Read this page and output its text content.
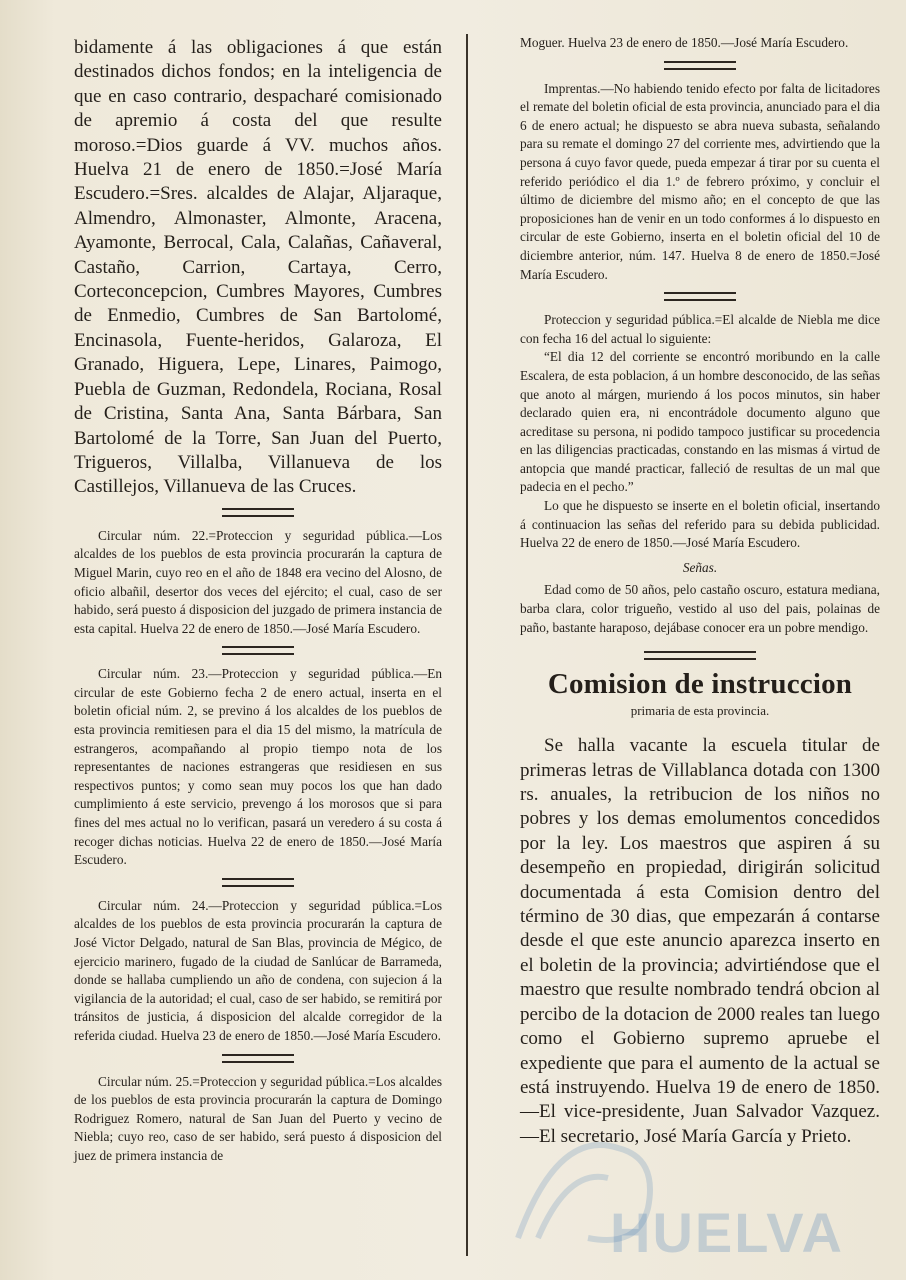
bidamente á las obligaciones á que están destinados dichos fondos; en la inteligencia de que en caso contrario, despacharé comisionado de apremio á costa del que resulte moroso.=Dios guarde á VV. muchos años. Huelva 21 de enero de 1850.=José María Escudero.=Sres. alcaldes de Alajar, Aljaraque, Almendro, Almonaster, Almonte, Aracena, Ayamonte, Berrocal, Cala, Calañas, Cañaveral, Castaño, Carrion, Cartaya, Cerro, Corteconcepcion, Cumbres Mayores, Cumbres de Enmedio, Cumbres de San Bartolomé, Encinasola, Fuente-heridos, Galaroza, El Granado, Higuera, Lepe, Linares, Paimogo, Puebla de Guzman, Redondela, Rociana, Rosal de Cristina, Santa Ana, Santa Bárbara, San Bartolomé de la Torre, San Juan del Puerto, Trigueros, Villalba, Villanueva de los Castillejos, Villanueva de las Cruces.

Circular núm. 22.=Proteccion y seguridad pública.—Los alcaldes de los pueblos de esta provincia procurarán la captura de Miguel Marin, cuyo reo en el año de 1848 era vecino del Alosno, de oficio albañil, desertor dos veces del ejército; el cual, caso de ser habido, será puesto á disposicion del juzgado de primera instancia de esta capital. Huelva 22 de enero de 1850.—José María Escudero.

Circular núm. 23.—Proteccion y seguridad pública.—En circular de este Gobierno fecha 2 de enero actual, inserta en el boletin oficial núm. 2, se previno á los alcaldes de los pueblos de esta provincia remitiesen para el dia 15 del mismo, la matrícula de estrangeros, acompañando al propio tiempo nota de los representantes de naciones estrangeras que residiesen en sus respectivos puntos; y como sean muy pocos los que han dado cumplimiento á este servicio, prevengo á los morosos que si para fines del mes actual no lo verifican, pasará un veredero á su costa á recoger dichas noticias. Huelva 22 de enero de 1850.—José María Escudero.

Circular núm. 24.—Proteccion y seguridad pública.=Los alcaldes de los pueblos de esta provincia procurarán la captura de José Victor Delgado, natural de San Blas, provincia de Mégico, de ejercicio marinero, fugado de la ciudad de Sanlúcar de Barrameda, donde se hallaba cumpliendo un año de condena, con sujecion á la vigilancia de la autoridad; el cual, caso de ser habido, se remitirá por tránsitos de justicia, á disposicion del alcalde corregidor de la referida ciudad. Huelva 23 de enero de 1850.—José María Escudero.

Circular núm. 25.=Proteccion y seguridad pública.=Los alcaldes de los pueblos de esta provincia procurarán la captura de Domingo Rodriguez Romero, natural de San Juan del Puerto y vecino de Niebla; cuyo reo, caso de ser habido, será puesto á disposicion del juez de primera instancia de

Moguer. Huelva 23 de enero de 1850.—José María Escudero.

Imprentas.—No habiendo tenido efecto por falta de licitadores el remate del boletin oficial de esta provincia, anunciado para el dia 6 de enero actual; he dispuesto se abra nueva subasta, señalando para su remate el domingo 27 del corriente mes, advirtiendo que la persona á cuyo favor quede, pueda empezar á tirar por su cuenta el referido periódico el dia 1.º de febrero próximo, y concluir el último de diciembre del mismo año; en el concepto de que las proposiciones han de venir en un todo conformes á lo dispuesto en circular de este Gobierno, inserta en el boletin oficial del 10 de diciembre anterior, núm. 147. Huelva 8 de enero de 1850.=José María Escudero.

Proteccion y seguridad pública.=El alcalde de Niebla me dice con fecha 16 del actual lo siguiente:

“El dia 12 del corriente se encontró moribundo en la calle Escalera, de esta poblacion, á un hombre desconocido, de las señas que anoto al márgen, muriendo á los pocos minutos, sin haber declarado quien era, ni encontrádole documento alguno que acreditase su persona, ni podido tampoco justificar su procedencia en las diligencias practicadas, constando en las mismas á virtud de antopcia que mandé practicar, falleció de resultas de un mal que padecia en el pecho.”

Lo que he dispuesto se inserte en el boletin oficial, insertando á continuacion las señas del referido para su debida publicidad. Huelva 22 de enero de 1850.—José María Escudero.

Señas.

Edad como de 50 años, pelo castaño oscuro, estatura mediana, barba clara, color trigueño, vestido al uso del pais, polainas de paño, bastante haraposo, dejábase conocer era un pobre mendigo.

Comision de instruccion
primaria de esta provincia.

Se halla vacante la escuela titular de primeras letras de Villablanca dotada con 1300 rs. anuales, la retribucion de los niños no pobres y los demas emolumentos concedidos por la ley. Los maestros que aspiren á su desempeño en propiedad, dirigirán solicitud documentada á esta Comision dentro del término de 30 dias, que empezarán á contarse desde el que este anuncio aparezca inserto en el boletin de la provincia; advirtiéndose que el maestro que resulte nombrado tendrá obcion al percibo de la dotacion de 2000 reales tan luego como el Gobierno supremo apruebe el expediente que para el aumento de la actual se está instruyendo. Huelva 19 de enero de 1850.—El vice-presidente, Juan Salvador Vazquez.—El secretario, José María García y Prieto.

HUELVA
